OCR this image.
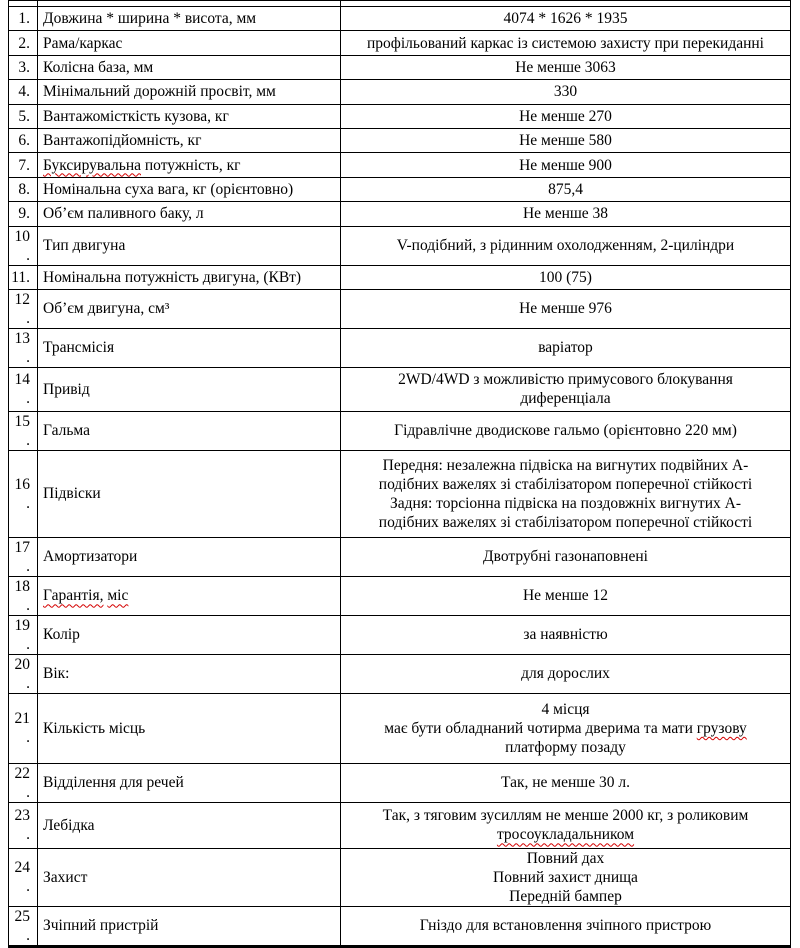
1.	Довжина * ширина * висота, мм	4074 * 1626 * 1935
2.	Рама/каркас	профільований каркас із системою захисту при перекиданні
3.	Колісна база, мм	Не менше 3063
4.	Мінімальний дорожній просвіт, мм	330
5.	Вантажомісткість кузова, кг	Не менше 270
6.	Вантажопідйомність, кг	Не менше 580
7.	Буксирувальна потужність, кг	Не менше 900
8.	Номінальна суха вага, кг (орієнтовно)	875,4
9.	Об’єм паливного баку, л	Не менше 38
10.	Тип двигуна	V-подібний, з рідинним охолодженням, 2-циліндри
11.	Номінальна потужність двигуна, (КВт)	100 (75)
12.	Об’єм двигуна, см³	Не менше 976
13.	Трансмісія	варіатор
14.	Привід	2WD/4WD з можливістю примусового блокування
диференціала
15.	Гальма	Гідравлічне дводискове гальмо (орієнтовно 220 мм)
16.	Підвіски	Передня: незалежна підвіска на вигнутих подвійних А-
подібних важелях зі стабілізатором поперечної стійкості
Задня: торсіонна підвіска на поздовжніх вигнутих А-
подібних важелях зі стабілізатором поперечної стійкості
17.	Амортизатори	Двотрубні газонаповнені
18.	Гарантія, міс	Не менше 12
19.	Колір	за наявністю
20.	Вік:	для дорослих
21.	Кількість місць	4 місця
має бути обладнаний чотирма дверима та мати грузову
платформу позаду
22.	Відділення для речей	Так, не менше 30 л.
23.	Лебідка	Так, з тяговим зусиллям не менше 2000 кг, з роликовим
тросоукладальником
24.	Захист	Повний дах
Повний захист днища
Передній бампер
25.	Зчіпний пристрій	Гніздо для встановлення зчіпного пристрою
